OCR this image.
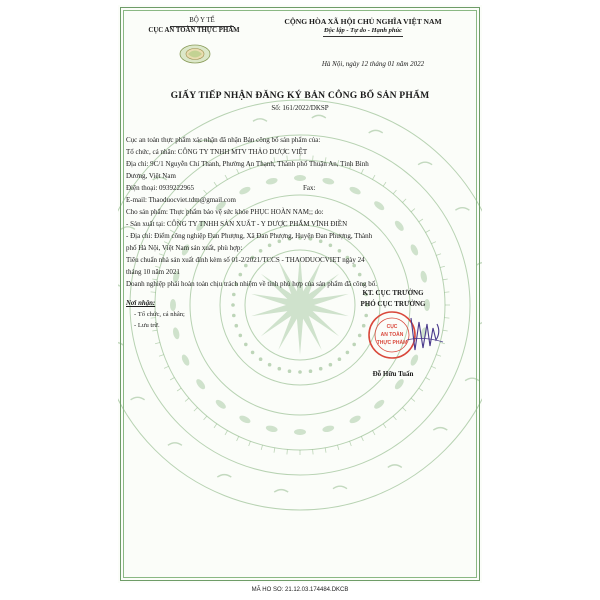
BỘ Y TẾ
CỤC AN TOÀN THỰC PHẨM
CỘNG HÒA XÃ HỘI CHỦ NGHĨA VIỆT NAM
Độc lập - Tự do - Hạnh phúc
Hà Nội, ngày 12 tháng 01 năm 2022
GIẤY TIẾP NHẬN ĐĂNG KÝ BẢN CÔNG BỐ SẢN PHẨM
Số: 161/2022/DKSP
Cục an toàn thực phẩm xác nhận đã nhận Bản công bố sản phẩm của:
Tổ chức, cá nhân: CÔNG TY TNHH MTV THẢO DƯỢC VIỆT
Địa chỉ: 9C/1 Nguyễn Chí Thanh, Phường An Thạnh, Thành phố Thuận An, Tỉnh Bình
Dương, Việt Nam
Điện thoại: 0939222965	Fax:
E-mail: Thaoduocviet.tdm@gmail.com
Cho sản phẩm: Thực phẩm bảo vệ sức khỏe PHỤC HOÀN NAM;; do:
- Sản xuất tại: CÔNG TY TNHH SẢN XUẤT - Y DƯỢC PHẨM VĨNH ĐIỀN
- Địa chỉ: Điểm công nghiệp Đan Phượng, Xã Đan Phượng, Huyện Đan Phượng, Thành
phố Hà Nội, Việt Nam sản xuất, phù hợp:
Tiêu chuẩn nhà sản xuất đính kèm số 01-2/2021/TCCS - THAODUOCVIET ngày 24
tháng 10 năm 2021
Doanh nghiệp phải hoàn toàn chịu trách nhiệm về tính phù hợp của sản phẩm đã công bố.
Nơi nhận:
- Tổ chức, cá nhân;
- Lưu trữ.
KT. CỤC TRƯỞNG
PHÓ CỤC TRƯỞNG
CỤC
AN TOÀN
THỰC PHẨM
Đỗ Hữu Tuấn
MÃ HO SO: 21.12.03.174484.DKCB
